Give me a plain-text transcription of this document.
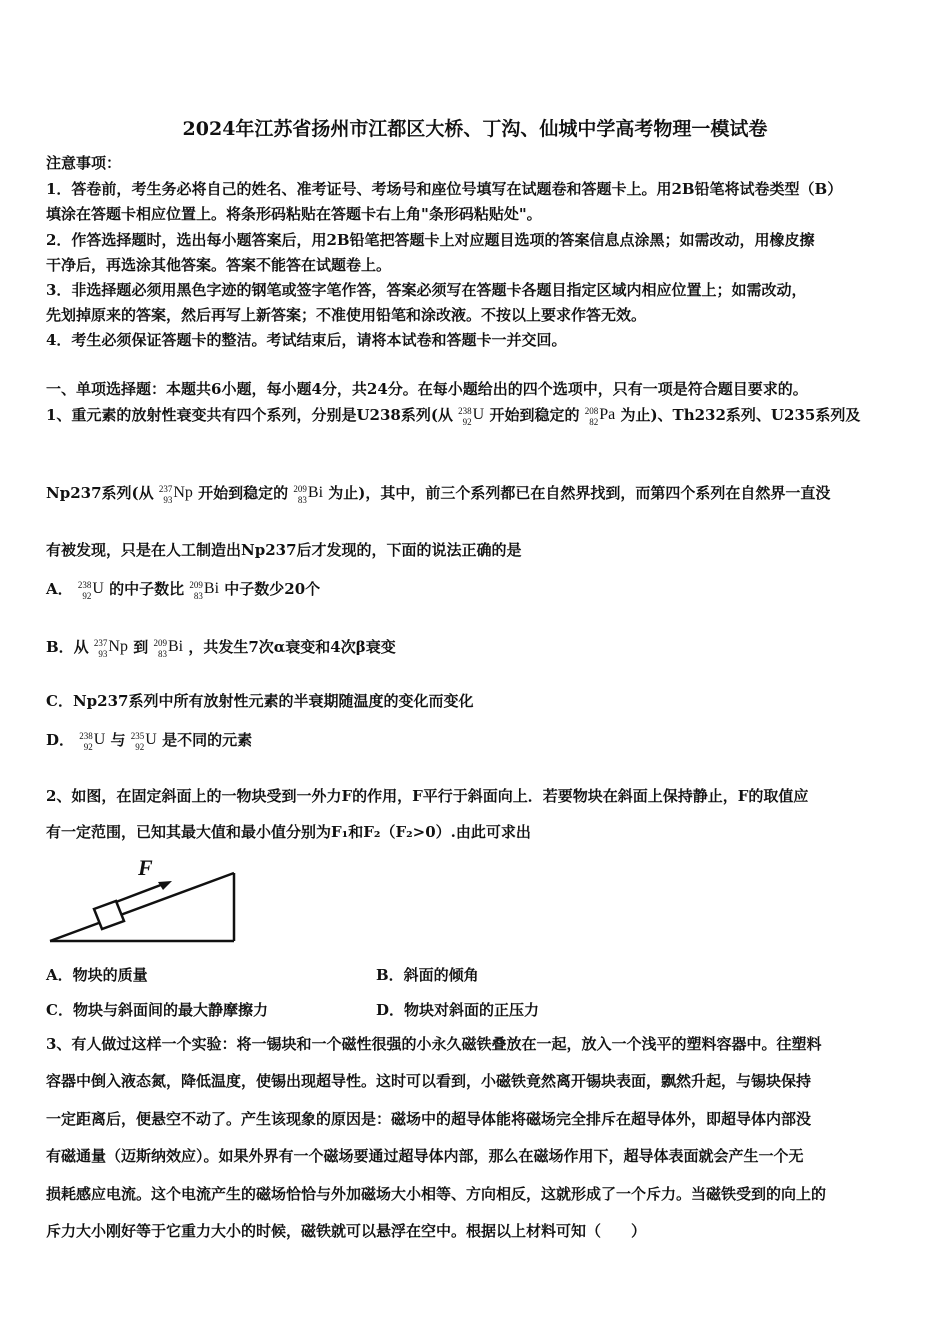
2024年江苏省扬州市江都区大桥、丁沟、仙城中学高考物理一模试卷
注意事项：
1．答卷前，考生务必将自己的姓名、准考证号、考场号和座位号填写在试题卷和答题卡上。用2B铅笔将试卷类型（B）
填涂在答题卡相应位置上。将条形码粘贴在答题卡右上角"条形码粘贴处"。
2．作答选择题时，选出每小题答案后，用2B铅笔把答题卡上对应题目选项的答案信息点涂黑；如需改动，用橡皮擦
干净后，再选涂其他答案。答案不能答在试题卷上。
3．非选择题必须用黑色字迹的钢笔或签字笔作答，答案必须写在答题卡各题目指定区域内相应位置上；如需改动，
先划掉原来的答案，然后再写上新答案；不准使用铅笔和涂改液。不按以上要求作答无效。
4．考生必须保证答题卡的整洁。考试结束后，请将本试卷和答题卡一并交回。
一、单项选择题：本题共6小题，每小题4分，共24分。在每小题给出的四个选项中，只有一项是符合题目要求的。
1、重元素的放射性衰变共有四个系列，分别是U238系列(从 238
92U 开始到稳定的 208
82Pa 为止)、Th232系列、U235系列及
Np237系列(从 237
93Np 开始到稳定的 209
83Bi 为止)，其中，前三个系列都已在自然界找到，而第四个系列在自然界一直没
有被发现，只是在人工制造出Np237后才发现的，下面的说法正确的是
A． 238
92U 的中子数比 209
83Bi 中子数少20个
B．从 237
93Np 到 209
83Bi ，共发生7次α衰变和4次β衰变
C．Np237系列中所有放射性元素的半衰期随温度的变化而变化
D． 238
92U 与 235
92U 是不同的元素
2、如图，在固定斜面上的一物块受到一外力F的作用，F平行于斜面向上．若要物块在斜面上保持静止，F的取值应
有一定范围，已知其最大值和最小值分别为F₁和F₂（F₂>0）.由此可求出
F
A．物块的质量	B．斜面的倾角
C．物块与斜面间的最大静摩擦力	D．物块对斜面的正压力
3、有人做过这样一个实验：将一锡块和一个磁性很强的小永久磁铁叠放在一起，放入一个浅平的塑料容器中。往塑料
容器中倒入液态氮，降低温度，使锡出现超导性。这时可以看到，小磁铁竟然离开锡块表面，飘然升起，与锡块保持
一定距离后，便悬空不动了。产生该现象的原因是：磁场中的超导体能将磁场完全排斥在超导体外，即超导体内部没
有磁通量（迈斯纳效应）。如果外界有一个磁场要通过超导体内部，那么在磁场作用下，超导体表面就会产生一个无
损耗感应电流。这个电流产生的磁场恰恰与外加磁场大小相等、方向相反，这就形成了一个斥力。当磁铁受到的向上的
斥力大小刚好等于它重力大小的时候，磁铁就可以悬浮在空中。根据以上材料可知（　　）
